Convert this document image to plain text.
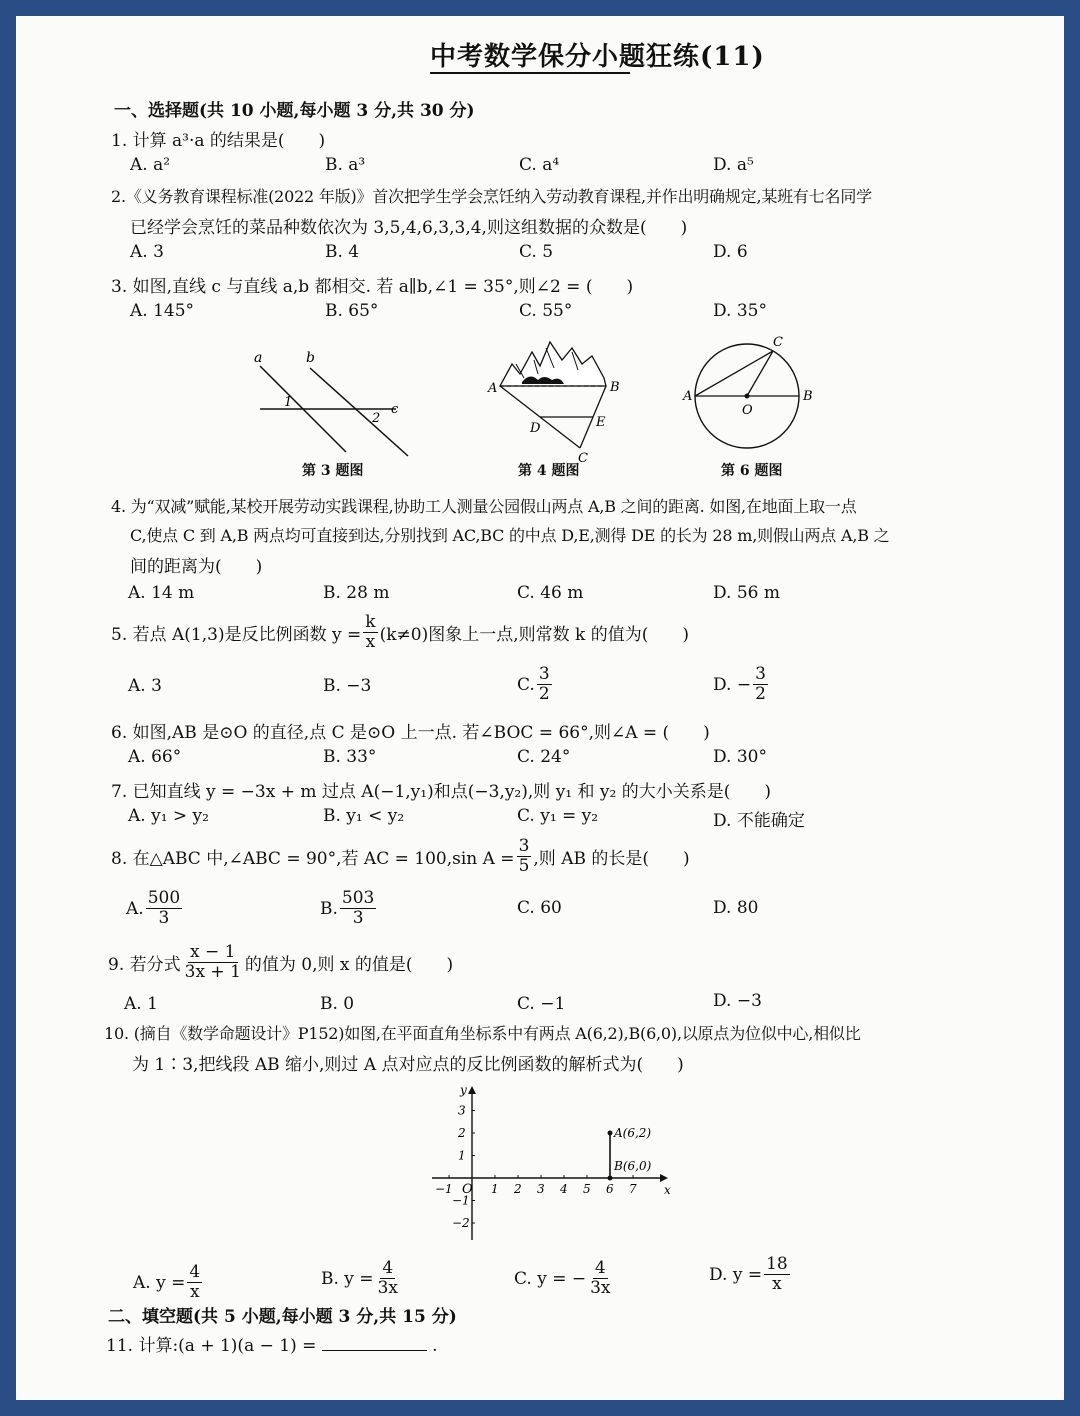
中考数学保分小题狂练(11)
一、选择题(共 10 小题,每小题 3 分,共 30 分)
1. 计算 a³·a 的结果是(　　)
A. a²	B. a³	C. a⁴	D. a⁵
2.《义务教育课程标准(2022 年版)》首次把学生学会烹饪纳入劳动教育课程,并作出明确规定,某班有七名同学
已经学会烹饪的菜品种数依次为 3,5,4,6,3,3,4,则这组数据的众数是(　　)
A. 3	B. 4	C. 5	D. 6
3. 如图,直线 c 与直线 a,b 都相交. 若 a∥b,∠1 = 35°,则∠2 = (　　)
A. 145°	B. 65°	C. 55°	D. 35°
a	b
c
1
2
第 3 题图
A	B
C
D	E
第 4 题图
A	B
C
O
第 6 题图
4. 为“双减”赋能,某校开展劳动实践课程,协助工人测量公园假山两点 A,B 之间的距离. 如图,在地面上取一点
C,使点 C 到 A,B 两点均可直接到达,分别找到 AC,BC 的中点 D,E,测得 DE 的长为 28 m,则假山两点 A,B 之
间的距离为(　　)
A. 14 m	B. 28 m	C. 46 m	D. 56 m
5. 若点 A(1,3)是反比例函数 $y = \frac{k}{x} (k\ne 0)$图象上一点,则常数 k 的值为(　　)
A. 3	B. −3	C. $\frac{3}{2}$	D. − $\frac{3}{2}$
6. 如图,AB 是⊙O 的直径,点 C 是⊙O 上一点. 若∠BOC = 66°,则∠A = (　　)
A. 66°	B. 33°	C. 24°	D. 30°
7. 已知直线 y = −3x + m 过点 A(−1,y₁)和点(−3,y₂),则 y₁ 和 y₂ 的大小关系是(　　)
A. y₁ > y₂	B. y₁ < y₂	C. y₁ = y₂	D. 不能确定
8. 在△ABC 中,∠ABC = 90°,若 AC = 100,sin $A = \frac{3}{5}$ ,则 AB 的长是(　　)
A. $\frac{500}{3}$	B. $\frac{503}{3}$	C. 60	D. 80
9. 若分式 $\frac{x - 1}{3x + 1}$ 的值为 0,则 x 的值是(　　)
A. 1	B. 0	C. −1	D. −3
10. (摘自《数学命题设计》P152)如图,在平面直角坐标系中有两点 A(6,2),B(6,0),以原点为位似中心,相似比
为 1∶3,把线段 AB 缩小,则过 A 点对应点的反比例函数的解析式为(　　)
x
y
O
−1	1 2 3 4 5 6 7
3
2
1
−1
−2
A(6,2)
B(6,0)
A. $y = \frac{4}{x}$	B. $y = \frac{4}{3x}$	C. y = − $\frac{4}{3x}$	D. $y = \frac{18}{x}$
二、填空题(共 5 小题,每小题 3 分,共 15 分)
11. 计算:(a + 1)(a − 1) =	.
